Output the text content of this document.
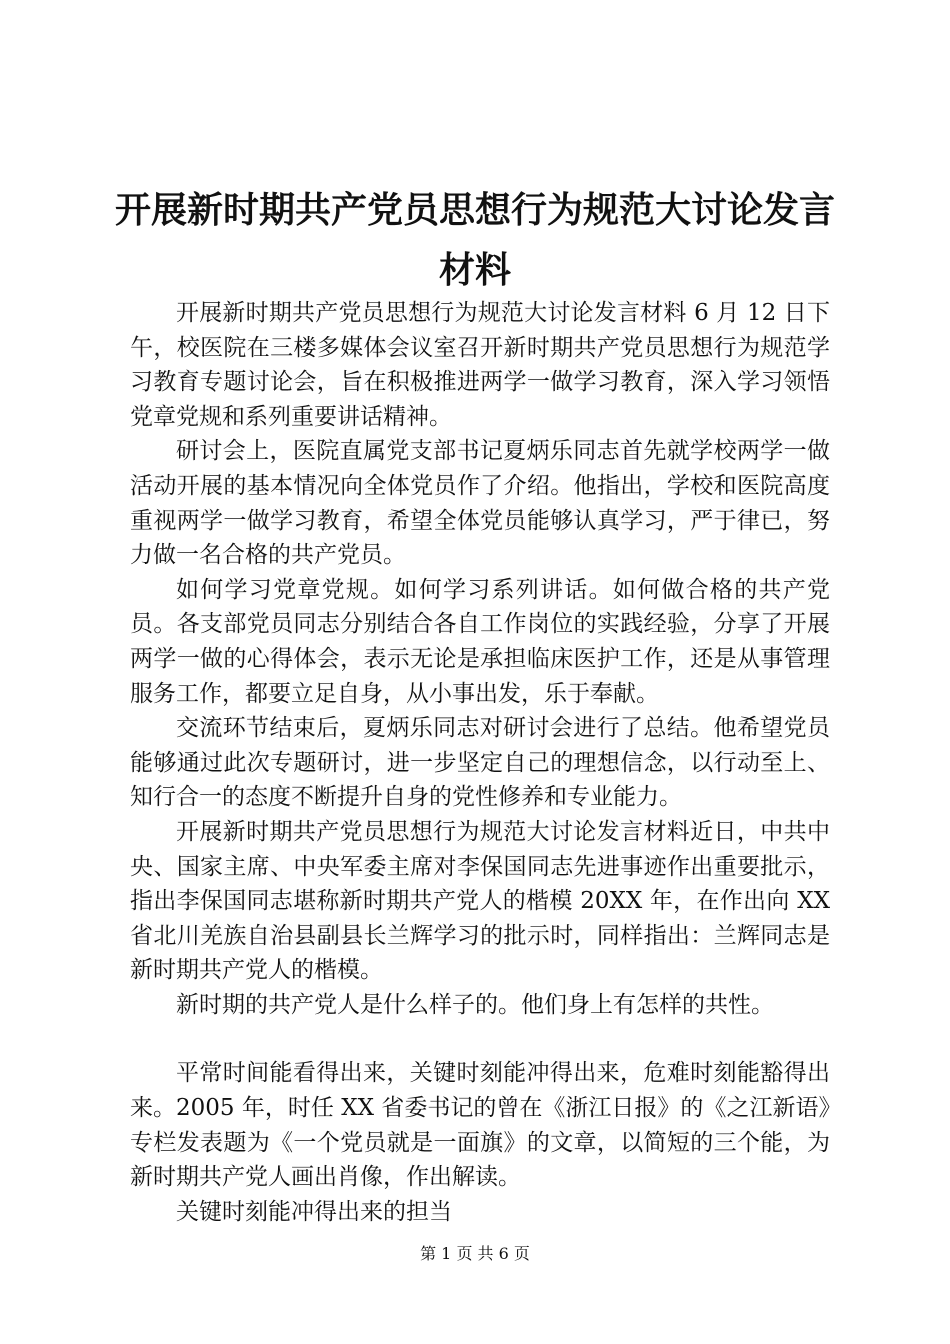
开展新时期共产党员思想行为规范大讨论发言
材料

开展新时期共产党员思想行为规范大讨论发言材料 6 月 12 日下午，校医院在三楼多媒体会议室召开新时期共产党员思想行为规范学习教育专题讨论会，旨在积极推进两学一做学习教育，深入学习领悟党章党规和系列重要讲话精神。

研讨会上，医院直属党支部书记夏炳乐同志首先就学校两学一做活动开展的基本情况向全体党员作了介绍。他指出，学校和医院高度重视两学一做学习教育，希望全体党员能够认真学习，严于律已，努力做一名合格的共产党员。

如何学习党章党规。如何学习系列讲话。如何做合格的共产党员。各支部党员同志分别结合各自工作岗位的实践经验，分享了开展两学一做的心得体会，表示无论是承担临床医护工作，还是从事管理服务工作，都要立足自身，从小事出发，乐于奉献。

交流环节结束后，夏炳乐同志对研讨会进行了总结。他希望党员能够通过此次专题研讨，进一步坚定自己的理想信念，以行动至上、知行合一的态度不断提升自身的党性修养和专业能力。

开展新时期共产党员思想行为规范大讨论发言材料近日，中共中央、国家主席、中央军委主席对李保国同志先进事迹作出重要批示，指出李保国同志堪称新时期共产党人的楷模 20XX 年，在作出向 XX 省北川羌族自治县副县长兰辉学习的批示时，同样指出：兰辉同志是新时期共产党人的楷模。

新时期的共产党人是什么样子的。他们身上有怎样的共性。

平常时间能看得出来，关键时刻能冲得出来，危难时刻能豁得出来。2005 年，时任 XX 省委书记的曾在《浙江日报》的《之江新语》专栏发表题为《一个党员就是一面旗》的文章，以简短的三个能，为新时期共产党人画出肖像，作出解读。

关键时刻能冲得出来的担当

第 1 页 共 6 页
